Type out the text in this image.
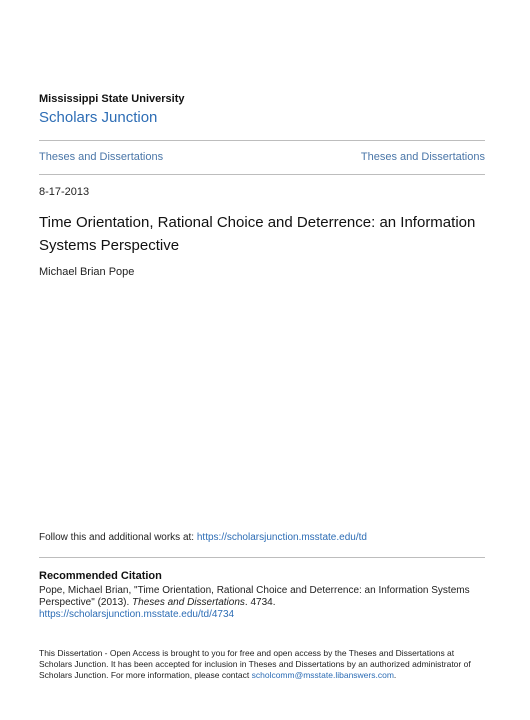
Mississippi State University
Scholars Junction
Theses and Dissertations	Theses and Dissertations
8-17-2013
Time Orientation, Rational Choice and Deterrence: an Information Systems Perspective
Michael Brian Pope
Follow this and additional works at: https://scholarsjunction.msstate.edu/td
Recommended Citation
Pope, Michael Brian, "Time Orientation, Rational Choice and Deterrence: an Information Systems Perspective" (2013). Theses and Dissertations. 4734.
https://scholarsjunction.msstate.edu/td/4734
This Dissertation - Open Access is brought to you for free and open access by the Theses and Dissertations at Scholars Junction. It has been accepted for inclusion in Theses and Dissertations by an authorized administrator of Scholars Junction. For more information, please contact scholcomm@msstate.libanswers.com.
